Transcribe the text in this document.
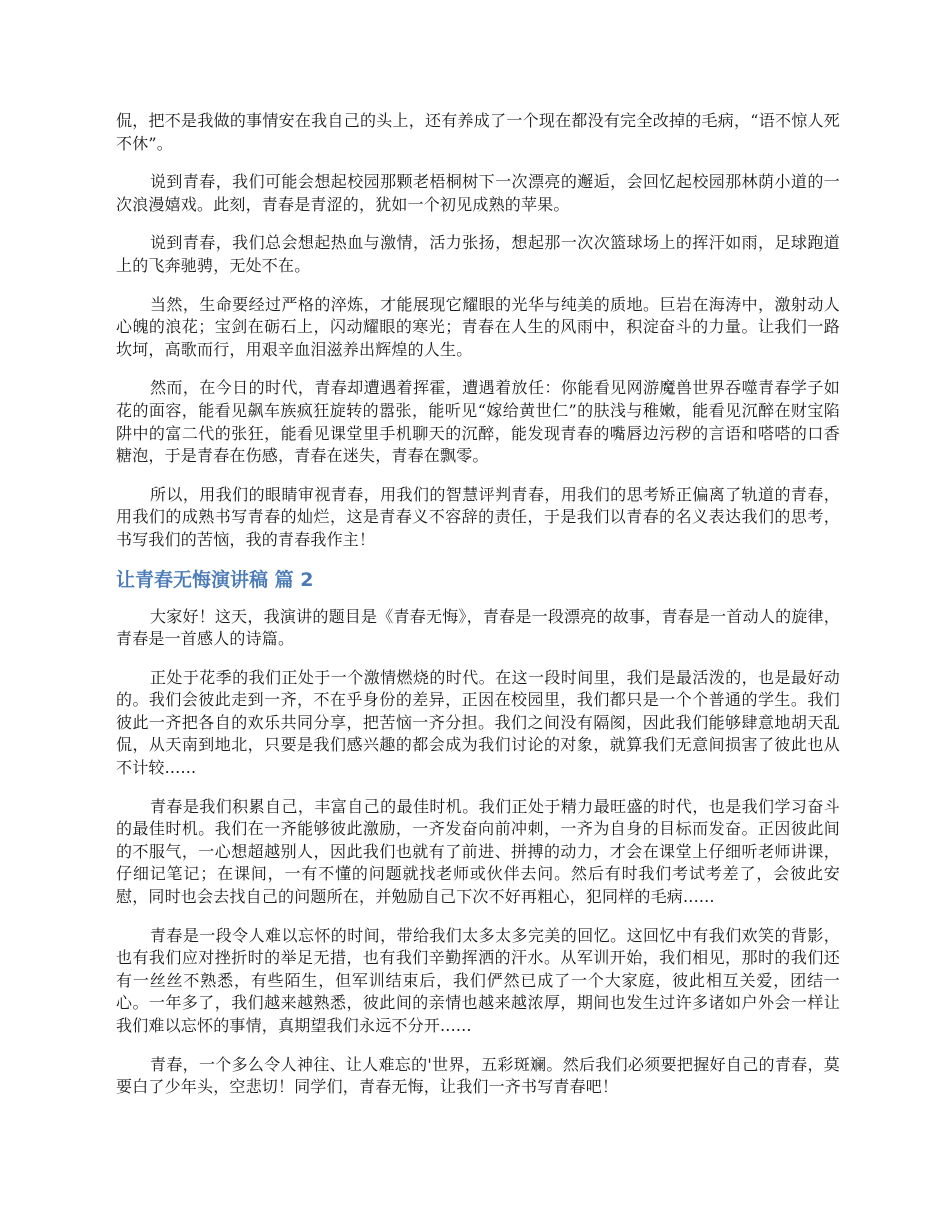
侃，把不是我做的事情安在我自己的头上，还有养成了一个现在都没有完全改掉的毛病，“语不惊人死不休”。

说到青春，我们可能会想起校园那颗老梧桐树下一次漂亮的邂逅，会回忆起校园那林荫小道的一次浪漫嬉戏。此刻，青春是青涩的，犹如一个初见成熟的苹果。

说到青春，我们总会想起热血与激情，活力张扬，想起那一次次篮球场上的挥汗如雨，足球跑道上的飞奔驰骋，无处不在。

当然，生命要经过严格的淬炼，才能展现它耀眼的光华与纯美的质地。巨岩在海涛中，激射动人心魄的浪花；宝剑在砺石上，闪动耀眼的寒光；青春在人生的风雨中，积淀奋斗的力量。让我们一路坎坷，高歌而行，用艰辛血泪滋养出辉煌的人生。

然而，在今日的时代，青春却遭遇着挥霍，遭遇着放任：你能看见网游魔兽世界吞噬青春学子如花的面容，能看见飙车族疯狂旋转的嚣张，能听见“嫁给黄世仁”的肤浅与稚嫩，能看见沉醉在财宝陷阱中的富二代的张狂，能看见课堂里手机聊天的沉醉，能发现青春的嘴唇边污秽的言语和嗒嗒的口香糖泡，于是青春在伤感，青春在迷失，青春在飘零。

所以，用我们的眼睛审视青春，用我们的智慧评判青春，用我们的思考矫正偏离了轨道的青春，用我们的成熟书写青春的灿烂，这是青春义不容辞的责任，于是我们以青春的名义表达我们的思考，书写我们的苦恼，我的青春我作主！

让青春无悔演讲稿 篇 2

大家好！这天，我演讲的题目是《青春无悔》，青春是一段漂亮的故事，青春是一首动人的旋律，青春是一首感人的诗篇。

正处于花季的我们正处于一个激情燃烧的时代。在这一段时间里，我们是最活泼的，也是最好动的。我们会彼此走到一齐，不在乎身份的差异，正因在校园里，我们都只是一个个普通的学生。我们彼此一齐把各自的欢乐共同分享，把苦恼一齐分担。我们之间没有隔阂，因此我们能够肆意地胡天乱侃，从天南到地北，只要是我们感兴趣的都会成为我们讨论的对象，就算我们无意间损害了彼此也从不计较......

青春是我们积累自己，丰富自己的最佳时机。我们正处于精力最旺盛的时代，也是我们学习奋斗的最佳时机。我们在一齐能够彼此激励，一齐发奋向前冲刺，一齐为自身的目标而发奋。正因彼此间的不服气，一心想超越别人，因此我们也就有了前进、拼搏的动力，才会在课堂上仔细听老师讲课，仔细记笔记；在课间，一有不懂的问题就找老师或伙伴去问。然后有时我们考试考差了，会彼此安慰，同时也会去找自己的问题所在，并勉励自己下次不好再粗心，犯同样的毛病......

青春是一段令人难以忘怀的时间，带给我们太多太多完美的回忆。这回忆中有我们欢笑的背影，也有我们应对挫折时的举足无措，也有我们辛勤挥洒的汗水。从军训开始，我们相见，那时的我们还有一丝丝不熟悉，有些陌生，但军训结束后，我们俨然已成了一个大家庭，彼此相互关爱，团结一心。一年多了，我们越来越熟悉，彼此间的亲情也越来越浓厚，期间也发生过许多诸如户外会一样让我们难以忘怀的事情，真期望我们永远不分开......

青春，一个多么令人神往、让人难忘的'世界，五彩斑斓。然后我们必须要把握好自己的青春，莫要白了少年头，空悲切！同学们，青春无悔，让我们一齐书写青春吧！
